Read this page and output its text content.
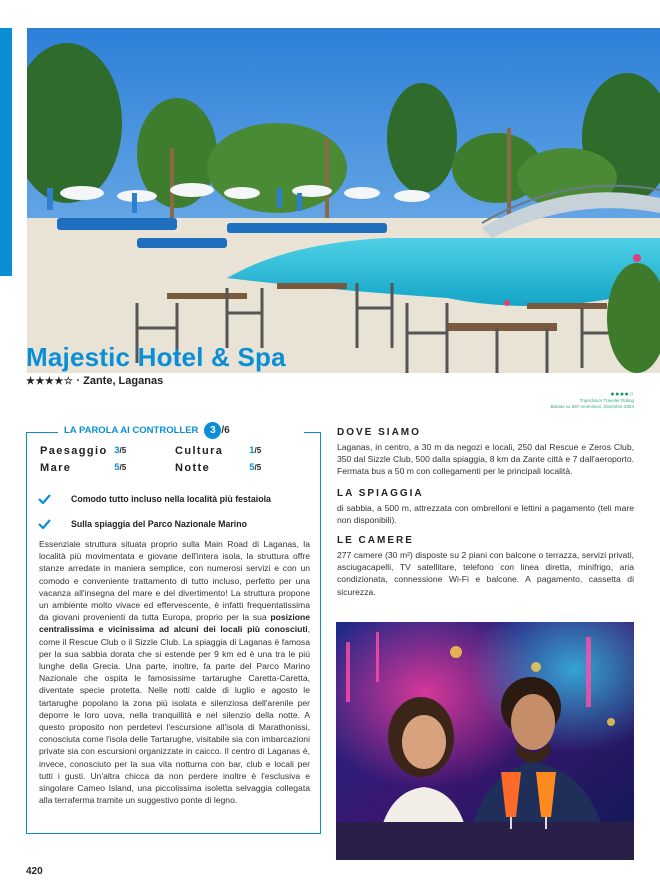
Majestic Hotel & Spa
★★★★☆ · Zante, Laganas
●●●●○
TripAdvisor Traveler Rating
Basato su 697 recensioni, Dicembre 2024
LA PAROLA AI CONTROLLER	3 /6
Paesaggio 3/5	Cultura	1/5
Mare	5/5	Notte	5/5
Comodo tutto incluso nella località più festaiola
Sulla spiaggia del Parco Nazionale Marino

Essenziale struttura situata proprio sulla Main Road di Laganas, la località più movimentata e giovane dell'intera isola, la struttura offre stanze arredate in maniera semplice, con numerosi servizi e con un comodo e conveniente trattamento di tutto incluso, perfetto per una vacanza all'insegna del mare e del divertimento! La struttura propone un ambiente molto vivace ed effervescente, è infatti frequentatissima da giovani provenienti da tutta Europa, proprio per la sua posizione centralissima e vicinissima ad alcuni dei locali più conosciuti, come il Rescue Club o il Sizzle Club. La spiaggia di Laganas è famosa per la sua sabbia dorata che si estende per 9 km ed è una tra le più lunghe della Grecia. Una parte, inoltre, fa parte del Parco Marino Nazionale che ospita le famosissime tartarughe Caretta-Caretta, diventate specie protetta. Nelle notti calde di luglio e agosto le tartarughe popolano la zona più isolata e silenziosa dell'arenile per deporre le loro uova, nella tranquillità e nel silenzio della notte. A questo proposito non perdetevi l'escursione all'isola di Marathonissi, conosciuta come l'isola delle Tartarughe, visitabile sia con imbarcazioni private sia con escursioni organizzate in caicco. Il centro di Laganas è, invece, conosciuto per la sua vita notturna con bar, club e locali per tutti i gusti. Un'altra chicca da non perdere inoltre è l'esclusiva e singolare Cameo Island, una piccolissima isoletta selvaggia collegata alla terraferma tramite un suggestivo ponte di legno.

DOVE SIAMO

Laganas, in centro, a 30 m da negozi e locali, 250 dal Rescue e Zeros Club, 350 dal Sizzle Club, 500 dalla spiaggia, 8 km da Zante città e 7 dall'aeroporto. Fermata bus a 50 m con collegamenti per le principali località.

LA SPIAGGIA

di sabbia, a 500 m, attrezzata con ombrelloni e lettini a pagamento (teli mare non disponibili).

LE CAMERE

277 camere (30 m²) disposte su 2 piani con balcone o terrazza, servizi privati, asciugacapelli, TV satellitare, telefono con linea diretta, minifrigo, aria condizionata, connessione Wi-Fi e balcone. A pagamento, cassetta di sicurezza.

420
